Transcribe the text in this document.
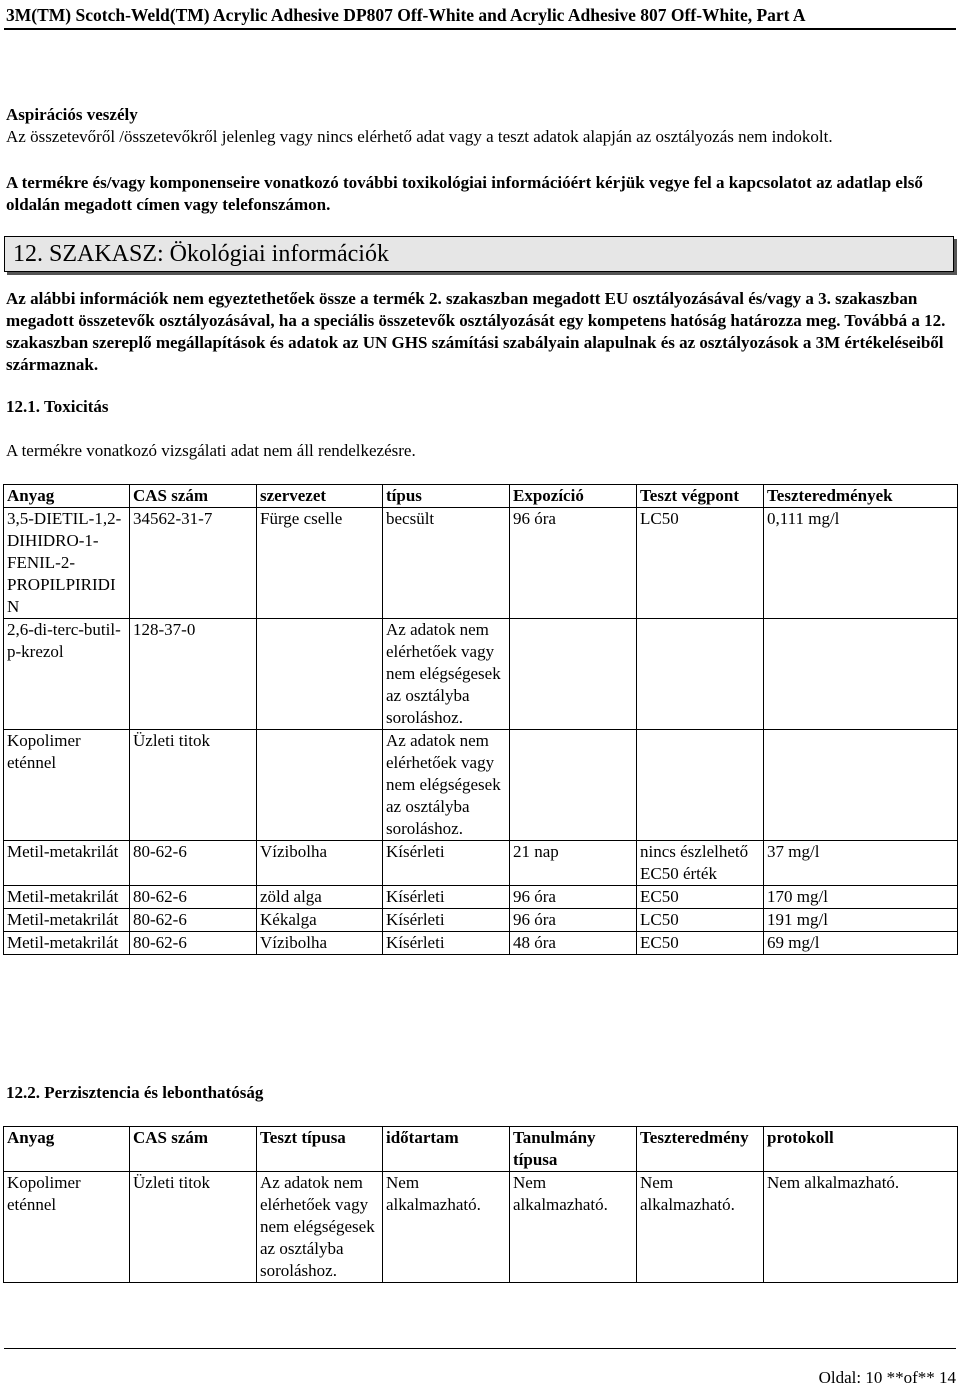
3M(TM) Scotch-Weld(TM) Acrylic Adhesive DP807 Off-White and Acrylic Adhesive 807 Off-White, Part A
Aspirációs veszély
Az összetevőről /összetevőkről jelenleg vagy nincs elérhető adat vagy a teszt adatok alapján az osztályozás nem indokolt.
A termékre és/vagy komponenseire vonatkozó további toxikológiai információért kérjük vegye fel a kapcsolatot az adatlap első oldalán megadott címen vagy telefonszámon.
12. SZAKASZ: Ökológiai információk
Az alábbi információk nem egyeztethetőek össze a termék 2. szakaszban megadott EU osztályozásával és/vagy a 3. szakaszban megadott összetevők osztályozásával, ha a speciális összetevők osztályozását egy kompetens hatóság határozza meg. Továbbá a 12. szakaszban szereplő megállapítások és adatok az UN GHS számítási szabályain alapulnak és az osztályozások a 3M értékeléseiből származnak.
12.1. Toxicitás
A termékre vonatkozó vizsgálati adat nem áll rendelkezésre.
Anyag	CAS szám	szervezet	típus	Expozíció	Teszt végpont	Teszteredmények
3,5-DIETIL-1,2-DIHIDRO-1-FENIL-2-PROPILPIRIDIN	34562-31-7	Fürge cselle	becsült	96 óra	LC50	0,111 mg/l
2,6-di-terc-butil-p-krezol	128-37-0		Az adatok nem elérhetőek vagy nem elégségesek az osztályba soroláshoz.			
Kopolimer eténnel	Üzleti titok		Az adatok nem elérhetőek vagy nem elégségesek az osztályba soroláshoz.			
Metil-metakrilát	80-62-6	Vízibolha	Kísérleti	21 nap	nincs észlelhető EC50 érték	37 mg/l
Metil-metakrilát	80-62-6	zöld alga	Kísérleti	96 óra	EC50	170 mg/l
Metil-metakrilát	80-62-6	Kékalga	Kísérleti	96 óra	LC50	191 mg/l
Metil-metakrilát	80-62-6	Vízibolha	Kísérleti	48 óra	EC50	69 mg/l
12.2. Perzisztencia és lebonthatóság
Anyag	CAS szám	Teszt típusa	időtartam	Tanulmány típusa	Teszteredmény	protokoll
Kopolimer eténnel	Üzleti titok	Az adatok nem elérhetőek vagy nem elégségesek az osztályba soroláshoz.	Nem alkalmazható.	Nem alkalmazható.	Nem alkalmazható.	Nem alkalmazható.
Oldal: 10 **of** 14
